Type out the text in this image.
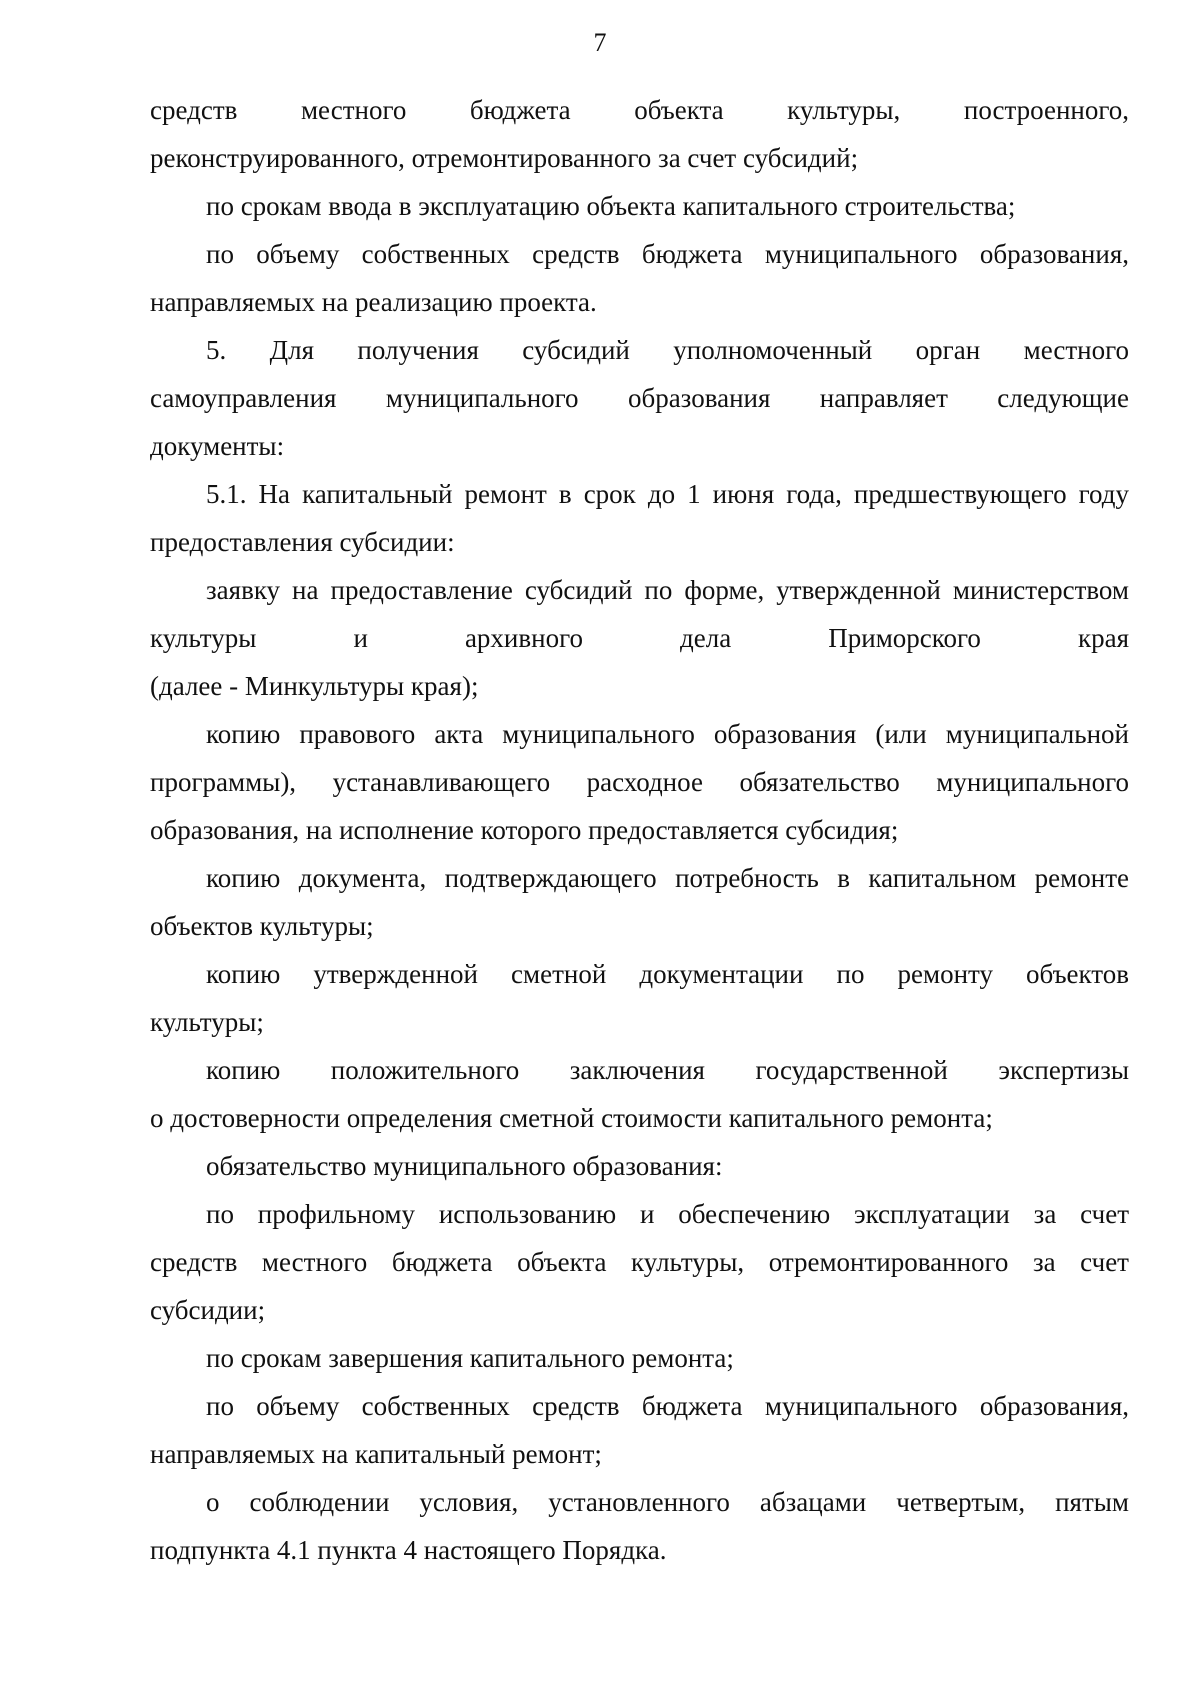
7

средств местного бюджета объекта культуры, построенного,
реконструированного, отремонтированного за счет субсидий;

по срокам ввода в эксплуатацию объекта капитального строительства;

по объему собственных средств бюджета муниципального образования,
направляемых на реализацию проекта.

5. Для получения субсидий уполномоченный орган местного
самоуправления муниципального образования направляет следующие
документы:

5.1. На капитальный ремонт в срок до 1 июня года, предшествующего году
предоставления субсидии:

заявку на предоставление субсидий по форме, утвержденной министерством
культуры и архивного дела Приморского края
(далее - Минкультуры края);

копию правового акта муниципального образования (или муниципальной
программы), устанавливающего расходное обязательство муниципального
образования, на исполнение которого предоставляется субсидия;

копию документа, подтверждающего потребность в капитальном ремонте
объектов культуры;

копию утвержденной сметной документации по ремонту объектов
культуры;

копию положительного заключения государственной экспертизы
о достоверности определения сметной стоимости капитального ремонта;

обязательство муниципального образования:

по профильному использованию и обеспечению эксплуатации за счет
средств местного бюджета объекта культуры, отремонтированного за счет
субсидии;

по срокам завершения капитального ремонта;

по объему собственных средств бюджета муниципального образования,
направляемых на капитальный ремонт;

о соблюдении условия, установленного абзацами четвертым, пятым
подпункта 4.1 пункта 4 настоящего Порядка.
